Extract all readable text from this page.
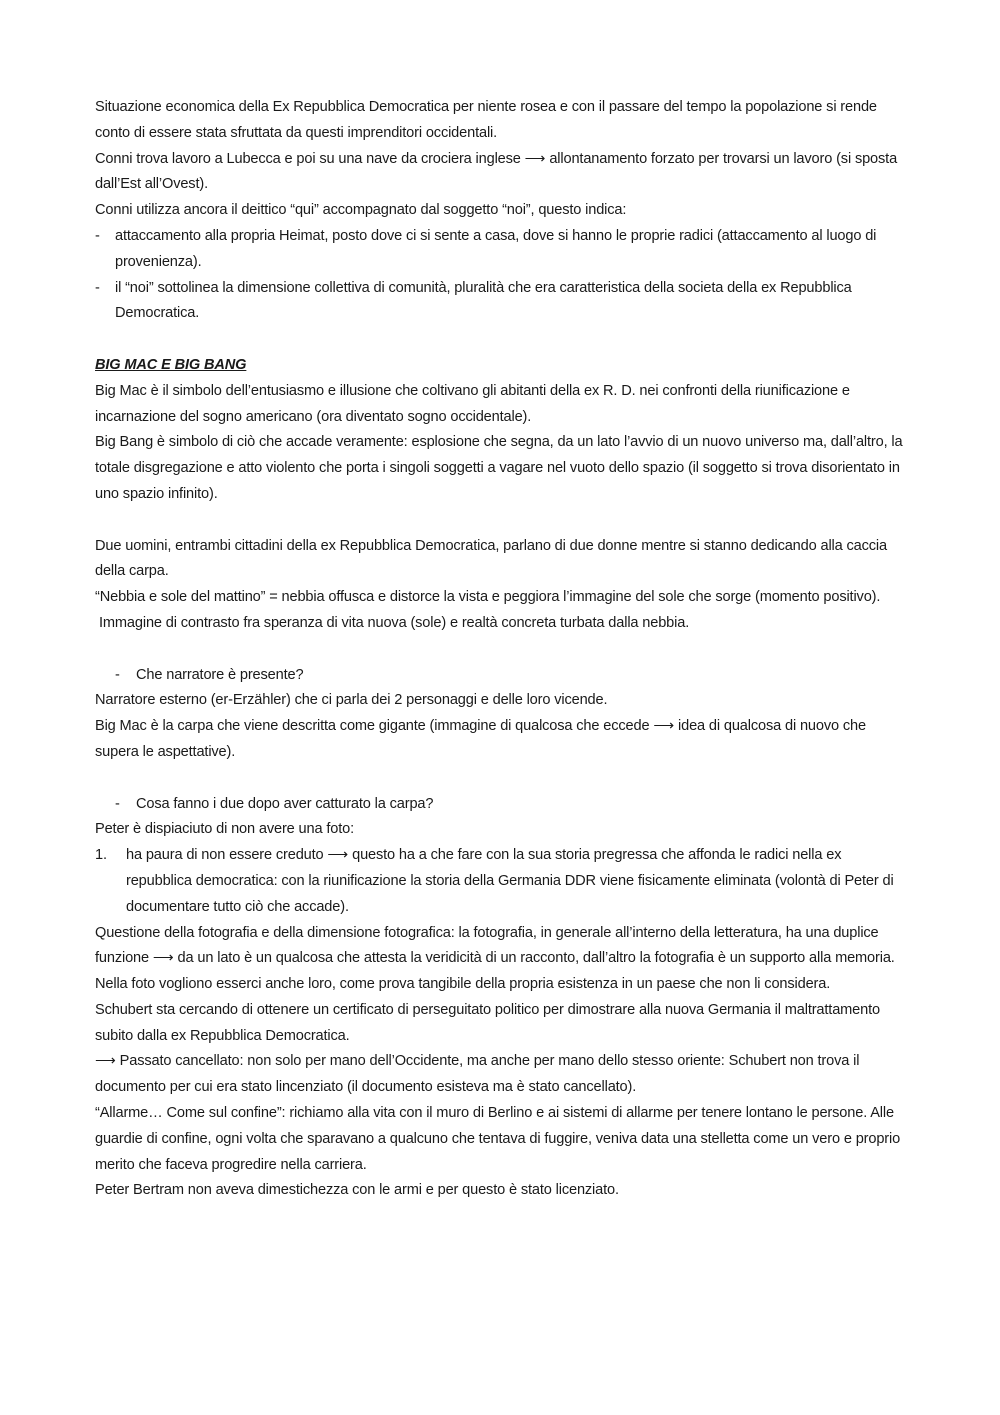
Situazione economica della Ex Repubblica Democratica per niente rosea e con il passare del tempo la popolazione si rende conto di essere stata sfruttata da questi imprenditori occidentali.

Conni trova lavoro a Lubecca e poi su una nave da crociera inglese ⟶ allontanamento forzato per trovarsi un lavoro (si sposta dall’Est all’Ovest).

Conni utilizza ancora il deittico “qui” accompagnato dal soggetto “noi”, questo indica:

- attaccamento alla propria Heimat, posto dove ci si sente a casa, dove si hanno le proprie radici (attaccamento al luogo di provenienza).
- il “noi” sottolinea la dimensione collettiva di comunità, pluralità che era caratteristica della societa della ex Repubblica Democratica.

BIG MAC E BIG BANG

Big Mac è il simbolo dell’entusiasmo e illusione che coltivano gli abitanti della ex R. D. nei confronti della riunificazione e incarnazione del sogno americano (ora diventato sogno occidentale).

Big Bang è simbolo di ciò che accade veramente: esplosione che segna, da un lato l’avvio di un nuovo universo ma, dall’altro, la totale disgregazione e atto violento che porta i singoli soggetti a vagare nel vuoto dello spazio (il soggetto si trova disorientato in uno spazio infinito).

Due uomini, entrambi cittadini della ex Repubblica Democratica, parlano di due donne mentre si stanno dedicando alla caccia della carpa.

“Nebbia e sole del mattino” = nebbia offusca e distorce la vista e peggiora l’immagine del sole che sorge (momento positivo).

Immagine di contrasto fra speranza di vita nuova (sole) e realtà concreta turbata dalla nebbia.

- Che narratore è presente?

Narratore esterno (er-Erzähler) che ci parla dei 2 personaggi e delle loro vicende.

Big Mac è la carpa che viene descritta come gigante (immagine di qualcosa che eccede ⟶ idea di qualcosa di nuovo che supera le aspettative).

- Cosa fanno i due dopo aver catturato la carpa?

Peter è dispiaciuto di non avere una foto:

1. ha paura di non essere creduto ⟶ questo ha a che fare con la sua storia pregressa che affonda le radici nella ex repubblica democratica: con la riunificazione la storia della Germania DDR viene fisicamente eliminata (volontà di Peter di documentare tutto ciò che accade).

Questione della fotografia e della dimensione fotografica: la fotografia, in generale all’interno della letteratura, ha una duplice funzione ⟶ da un lato è un qualcosa che attesta la veridicità di un racconto, dall’altro la fotografia è un supporto alla memoria. Nella foto vogliono esserci anche loro, come prova tangibile della propria esistenza in un paese che non li considera.

Schubert sta cercando di ottenere un certificato di perseguitato politico per dimostrare alla nuova Germania il maltrattamento subito dalla ex Repubblica Democratica.

⟶ Passato cancellato: non solo per mano dell’Occidente, ma anche per mano dello stesso oriente: Schubert non trova il documento per cui era stato lincenziato (il documento esisteva ma è stato cancellato).

“Allarme… Come sul confine”: richiamo alla vita con il muro di Berlino e ai sistemi di allarme per tenere lontano le persone. Alle guardie di confine, ogni volta che sparavano a qualcuno che tentava di fuggire, veniva data una stelletta come un vero e proprio merito che faceva progredire nella carriera.

Peter Bertram non aveva dimestichezza con le armi e per questo è stato licenziato.
